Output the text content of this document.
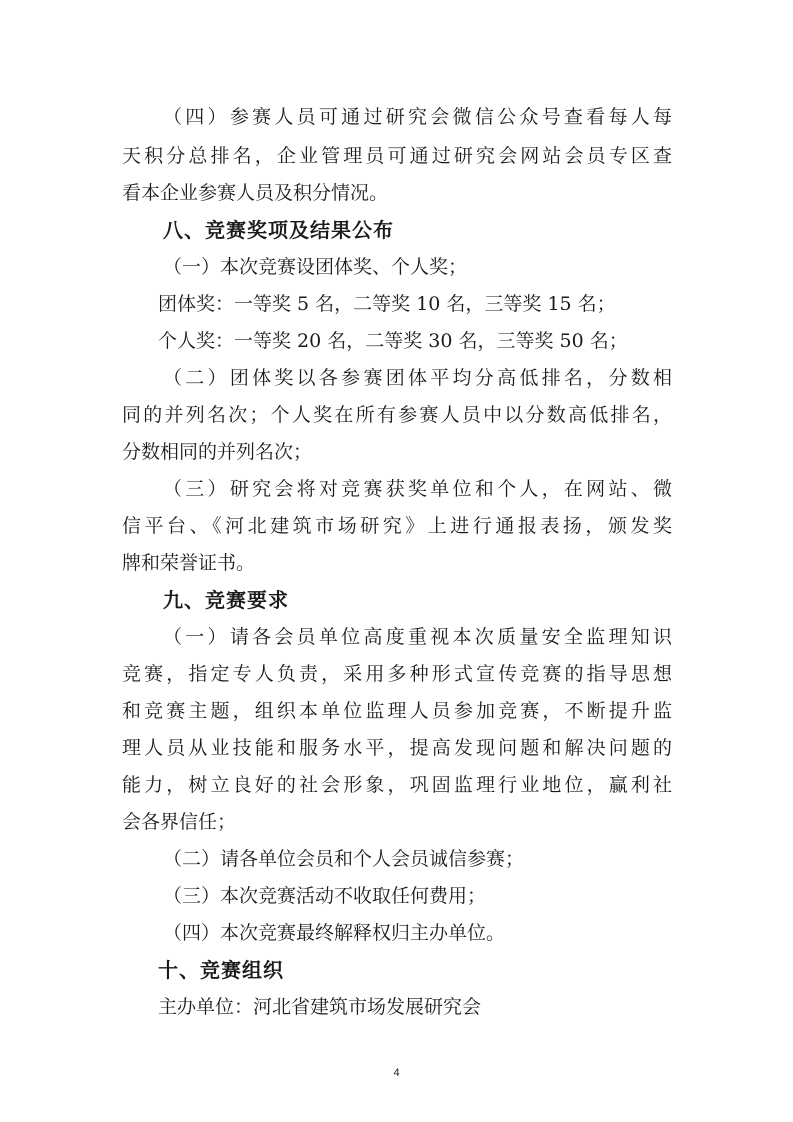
（四）参赛人员可通过研究会微信公众号查看每人每
天积分总排名，企业管理员可通过研究会网站会员专区查
看本企业参赛人员及积分情况。
八、竞赛奖项及结果公布
（一）本次竞赛设团体奖、个人奖；
团体奖：一等奖 5 名，二等奖 10 名，三等奖 15 名；
个人奖：一等奖 20 名，二等奖 30 名，三等奖 50 名；
（二）团体奖以各参赛团体平均分高低排名，分数相
同的并列名次；个人奖在所有参赛人员中以分数高低排名，
分数相同的并列名次；
（三）研究会将对竞赛获奖单位和个人，在网站、微
信平台、《河北建筑市场研究》上进行通报表扬，颁发奖
牌和荣誉证书。
九、竞赛要求
（一）请各会员单位高度重视本次质量安全监理知识
竞赛，指定专人负责，采用多种形式宣传竞赛的指导思想
和竞赛主题，组织本单位监理人员参加竞赛，不断提升监
理人员从业技能和服务水平，提高发现问题和解决问题的
能力，树立良好的社会形象，巩固监理行业地位，赢利社
会各界信任；
（二）请各单位会员和个人会员诚信参赛；
（三）本次竞赛活动不收取任何费用；
（四）本次竞赛最终解释权归主办单位。
十、竞赛组织
主办单位：河北省建筑市场发展研究会
4
